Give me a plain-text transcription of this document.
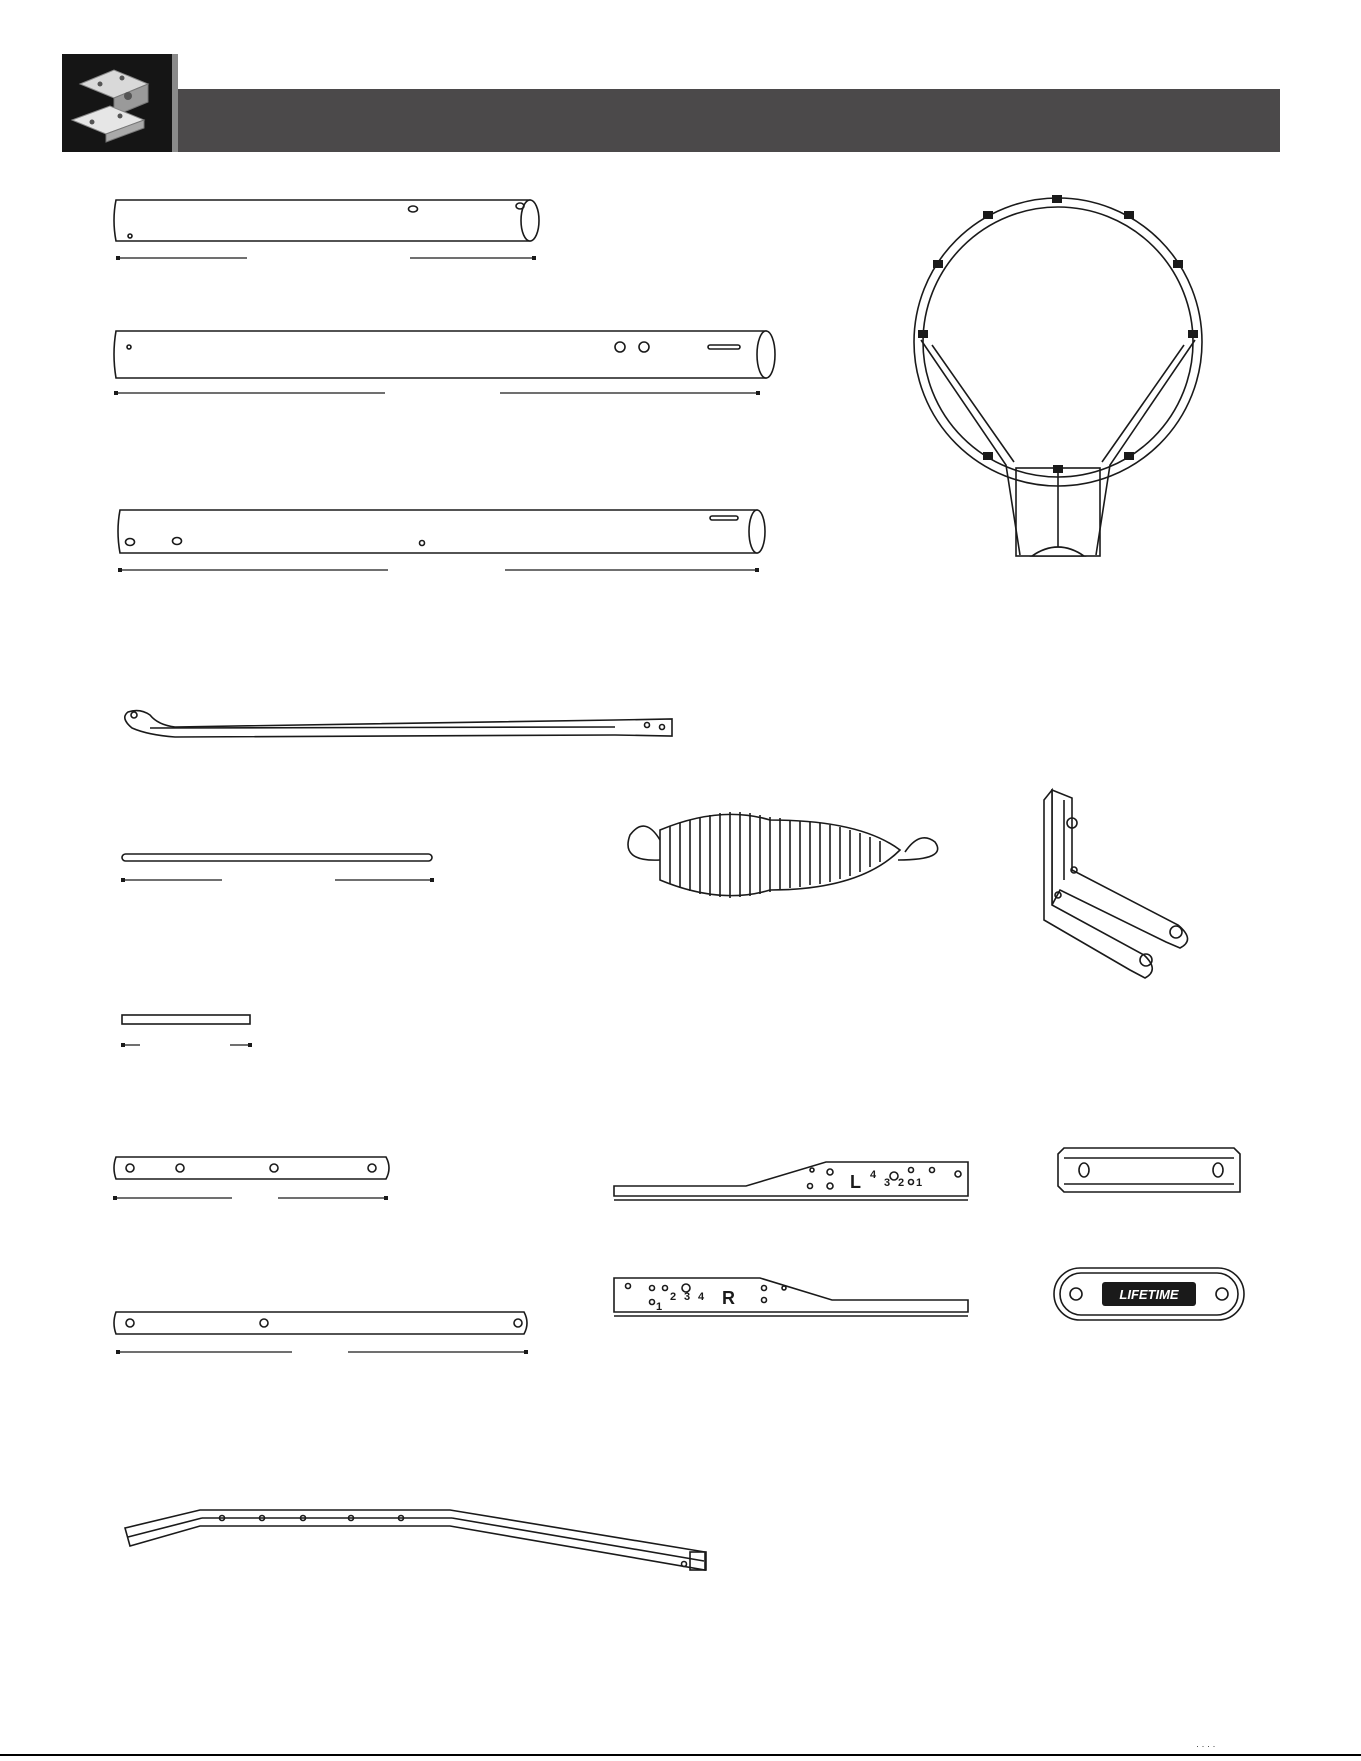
L 4
3 2 1
R
4
3
2
1
LIFETIME
· · · ·
